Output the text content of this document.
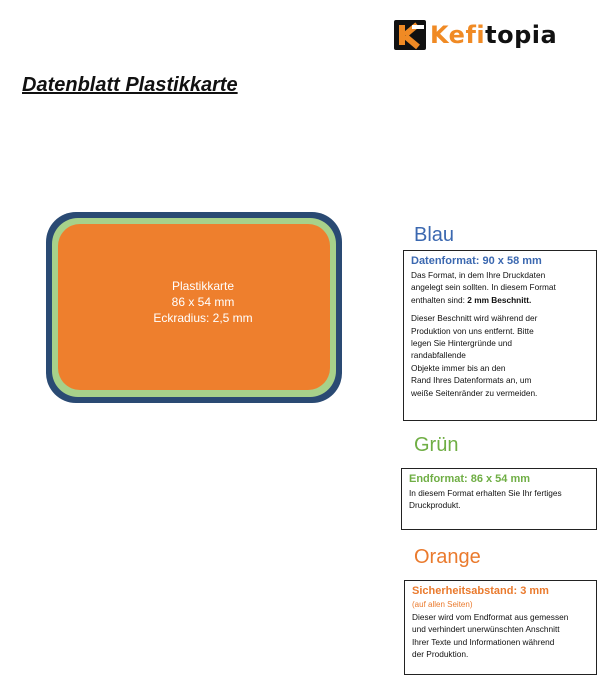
Kefitopia
Datenblatt Plastikkarte
Plastikkarte
86 x 54 mm
Eckradius: 2,5 mm
Blau
Datenformat: 90 x 58 mm
Das Format, in dem Ihre Druckdaten
angelegt sein sollten. In diesem Format
enthalten sind: 2 mm Beschnitt.
Dieser Beschnitt wird während der
Produktion von uns entfernt. Bitte
legen Sie Hintergründe und
randabfallende
Objekte immer bis an den
Rand Ihres Datenformats an, um
weiße Seitenränder zu vermeiden.
Grün
Endformat: 86 x 54 mm
In diesem Format erhalten Sie Ihr fertiges
Druckprodukt.
Orange
Sicherheitsabstand: 3 mm
(auf allen Seiten)
Dieser wird vom Endformat aus gemessen
und verhindert unerwünschten Anschnitt
Ihrer Texte und Informationen während
der Produktion.
